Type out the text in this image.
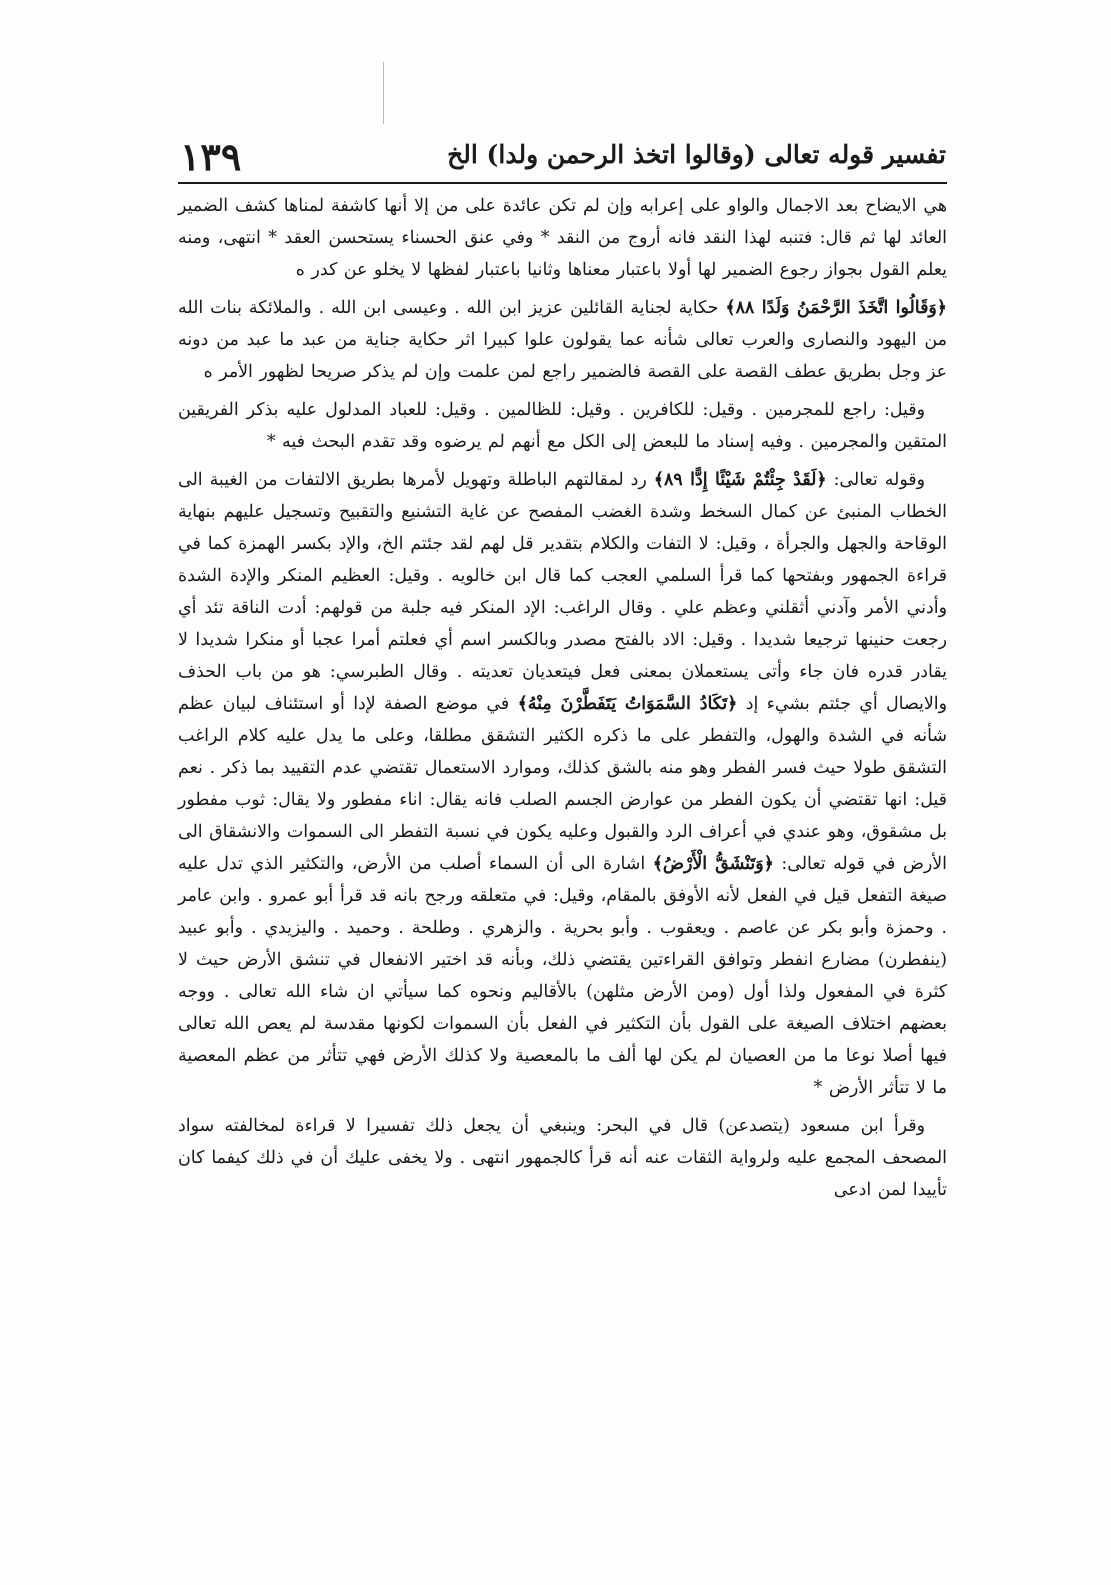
تفسير قوله تعالى (وقالوا اتخذ الرحمن ولدا) الخ
١٣٩

هي الايضاح بعد الاجمال والواو على إعرابه وإن لم تكن عائدة على من إلا أنها كاشفة لمناها كشف الضمير العائد لها ثم قال: فتنبه لهذا النقد فانه أروج من النقد * وفي عنق الحسناء يستحسن العقد * انتهى، ومنه يعلم القول بجواز رجوع الضمير لها أولا باعتبار معناها وثانيا باعتبار لفظها لا يخلو عن كدر ه

﴿وَقَالُوا اتَّخَذَ الرَّحْمَنُ وَلَدًا ٨٨﴾ حكاية لجناية القائلين عزيز ابن الله . وعيسى ابن الله . والملائكة بنات الله من اليهود والنصارى والعرب تعالى شأنه عما يقولون علوا كبيرا اثر حكاية جناية من عبد ما عبد من دونه عز وجل بطريق عطف القصة على القصة فالضمير راجع لمن علمت وإن لم يذكر صريحا لظهور الأمر ه

وقيل: راجع للمجرمين . وقيل: للكافرين . وقيل: للظالمين . وقيل: للعباد المدلول عليه بذكر الفريقين المتقين والمجرمين . وفيه إسناد ما للبعض إلى الكل مع أنهم لم يرضوه وقد تقدم البحث فيه *

وقوله تعالى: ﴿لَقَدْ جِئْتُمْ شَيْئًا إِدًّا ٨٩﴾ رد لمقالتهم الباطلة وتهويل لأمرها بطريق الالتفات من الغيبة الى الخطاب المنبئ عن كمال السخط وشدة الغضب المفصح عن غاية التشنيع والتقبيح وتسجيل عليهم بنهاية الوقاحة والجهل والجرأة ، وقيل: لا التفات والكلام بتقدير قل لهم لقد جئتم الخ، والإد بكسر الهمزة كما في قراءة الجمهور وبفتحها كما قرأ السلمي العجب كما قال ابن خالويه . وقيل: العظيم المنكر والإدة الشدة وأدني الأمر وآدني أثقلني وعظم علي . وقال الراغب: الإد المنكر فيه جلبة من قولهم: أدت الناقة تئد أي رجعت حنينها ترجيعا شديدا . وقيل: الاد بالفتح مصدر وبالكسر اسم أي فعلتم أمرا عجبا أو منكرا شديدا لا يقادر قدره فان جاء وأتى يستعملان بمعنى فعل فيتعديان تعديته . وقال الطبرسي: هو من باب الحذف والايصال أي جئتم بشيء إد ﴿تَكَادُ السَّمَوَاتُ يَتَفَطَّرْنَ مِنْهُ﴾ في موضع الصفة لإدا أو استئناف لبيان عظم شأنه في الشدة والهول، والتفطر على ما ذكره الكثير التشقق مطلقا، وعلى ما يدل عليه كلام الراغب التشقق طولا حيث فسر الفطر وهو منه بالشق كذلك، وموارد الاستعمال تقتضي عدم التقييد بما ذكر . نعم قيل: انها تقتضي أن يكون الفطر من عوارض الجسم الصلب فانه يقال: اناء مفطور ولا يقال: ثوب مفطور بل مشقوق، وهو عندي في أعراف الرد والقبول وعليه يكون في نسبة التفطر الى السموات والانشقاق الى الأرض في قوله تعالى: ﴿وَتَنْشَقُّ الْأَرْضُ﴾ اشارة الى أن السماء أصلب من الأرض، والتكثير الذي تدل عليه صيغة التفعل قيل في الفعل لأنه الأوفق بالمقام، وقيل: في متعلقه ورجح بانه قد قرأ أبو عمرو . وابن عامر . وحمزة وأبو بكر عن عاصم . ويعقوب . وأبو بحرية . والزهري . وطلحة . وحميد . واليزيدي . وأبو عبيد (ينفطرن) مضارع انفطر وتوافق القراءتين يقتضي ذلك، وبأنه قد اختير الانفعال في تنشق الأرض حيث لا كثرة في المفعول ولذا أول (ومن الأرض مثلهن) بالأقاليم ونحوه كما سيأتي ان شاء الله تعالى . ووجه بعضهم اختلاف الصيغة على القول بأن التكثير في الفعل بأن السموات لكونها مقدسة لم يعص الله تعالى فيها أصلا نوعا ما من العصيان لم يكن لها ألف ما بالمعصية ولا كذلك الأرض فهي تتأثر من عظم المعصية ما لا تتأثر الأرض *

وقرأ ابن مسعود (يتصدعن) قال في البحر: وينبغي أن يجعل ذلك تفسيرا لا قراءة لمخالفته سواد المصحف المجمع عليه ولرواية الثقات عنه أنه قرأ كالجمهور انتهى . ولا يخفى عليك أن في ذلك كيفما كان تأييدا لمن ادعى
